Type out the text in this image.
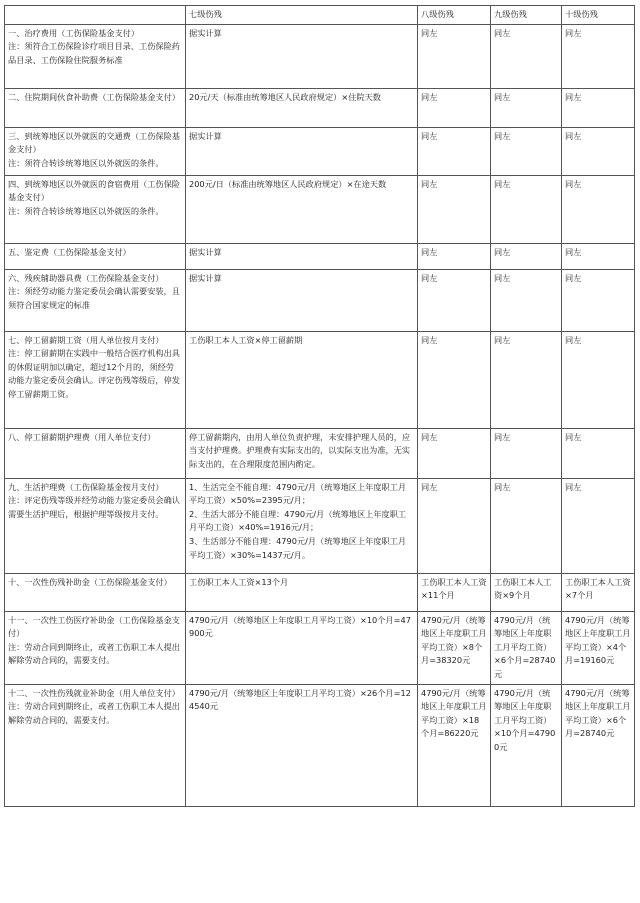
	七级伤残	八级伤残	九级伤残	十级伤残
一、治疗费用（工伤保险基金支付）
注：须符合工伤保险诊疗项目目录、工伤保险药品目录、工伤保险住院服务标准	据实计算	同左	同左	同左
二、住院期间伙食补助费（工伤保险基金支付）	20元/天（标准由统筹地区人民政府规定）×住院天数	同左	同左	同左
三、到统筹地区以外就医的交通费（工伤保险基金支付）
注：须符合转诊统筹地区以外就医的条件。	据实计算	同左	同左	同左
四、到统筹地区以外就医的食宿费用（工伤保险基金支付）
注：须符合转诊统筹地区以外就医的条件。	200元/日（标准由统筹地区人民政府规定）×在途天数	同左	同左	同左
五、鉴定费（工伤保险基金支付）	据实计算	同左	同左	同左
六、残疾辅助器具费（工伤保险基金支付）
注：须经劳动能力鉴定委员会确认需要安装，且须符合国家规定的标准	据实计算	同左	同左	同左
七、停工留薪期工资（用人单位按月支付）
注：停工留薪期在实践中一般结合医疗机构出具的休假证明加以确定，超过12个月的，须经劳动能力鉴定委员会确认。评定伤残等级后，停发停工留薪期工资。	工伤职工本人工资×停工留薪期	同左	同左	同左
八、停工留薪期护理费（用人单位支付）	停工留薪期内，由用人单位负责护理，未安排护理人员的，应当支付护理费。护理费有实际支出的，以实际支出为准，无实际支出的，在合理限度范围内酌定。	同左	同左	同左
九、生活护理费（工伤保险基金按月支付）
注：评定伤残等级并经劳动能力鉴定委员会确认需要生活护理后，根据护理等级按月支付。	1、生活完全不能自理：4790元/月（统筹地区上年度职工月平均工资）×50%=2395元/月；
2、生活大部分不能自理：4790元/月（统筹地区上年度职工月平均工资）×40%=1916元/月；
3、生活部分不能自理：4790元/月（统筹地区上年度职工月平均工资）×30%=1437元/月。	同左	同左	同左
十、一次性伤残补助金（工伤保险基金支付）	工伤职工本人工资×13个月	工伤职工本人工资×11个月	工伤职工本人工资×9个月	工伤职工本人工资×7个月
十一、一次性工伤医疗补助金（工伤保险基金支付）
注：劳动合同到期终止，或者工伤职工本人提出解除劳动合同的，需要支付。	4790元/月（统筹地区上年度职工月平均工资）×10个月=47900元	4790元/月（统筹地区上年度职工月平均工资）×8个月=38320元	4790元/月（统筹地区上年度职工月平均工资）×6个月=28740元	4790元/月（统筹地区上年度职工月平均工资）×4个月=19160元
十二、一次性伤残就业补助金（用人单位支付）
注：劳动合同到期终止，或者工伤职工本人提出解除劳动合同的，需要支付。	4790元/月（统筹地区上年度职工月平均工资）×26个月=124540元	4790元/月（统筹地区上年度职工月平均工资）×18个月=86220元	4790元/月（统筹地区上年度职工月平均工资）×10个月=47900元	4790元/月（统筹地区上年度职工月平均工资）×6个月=28740元
